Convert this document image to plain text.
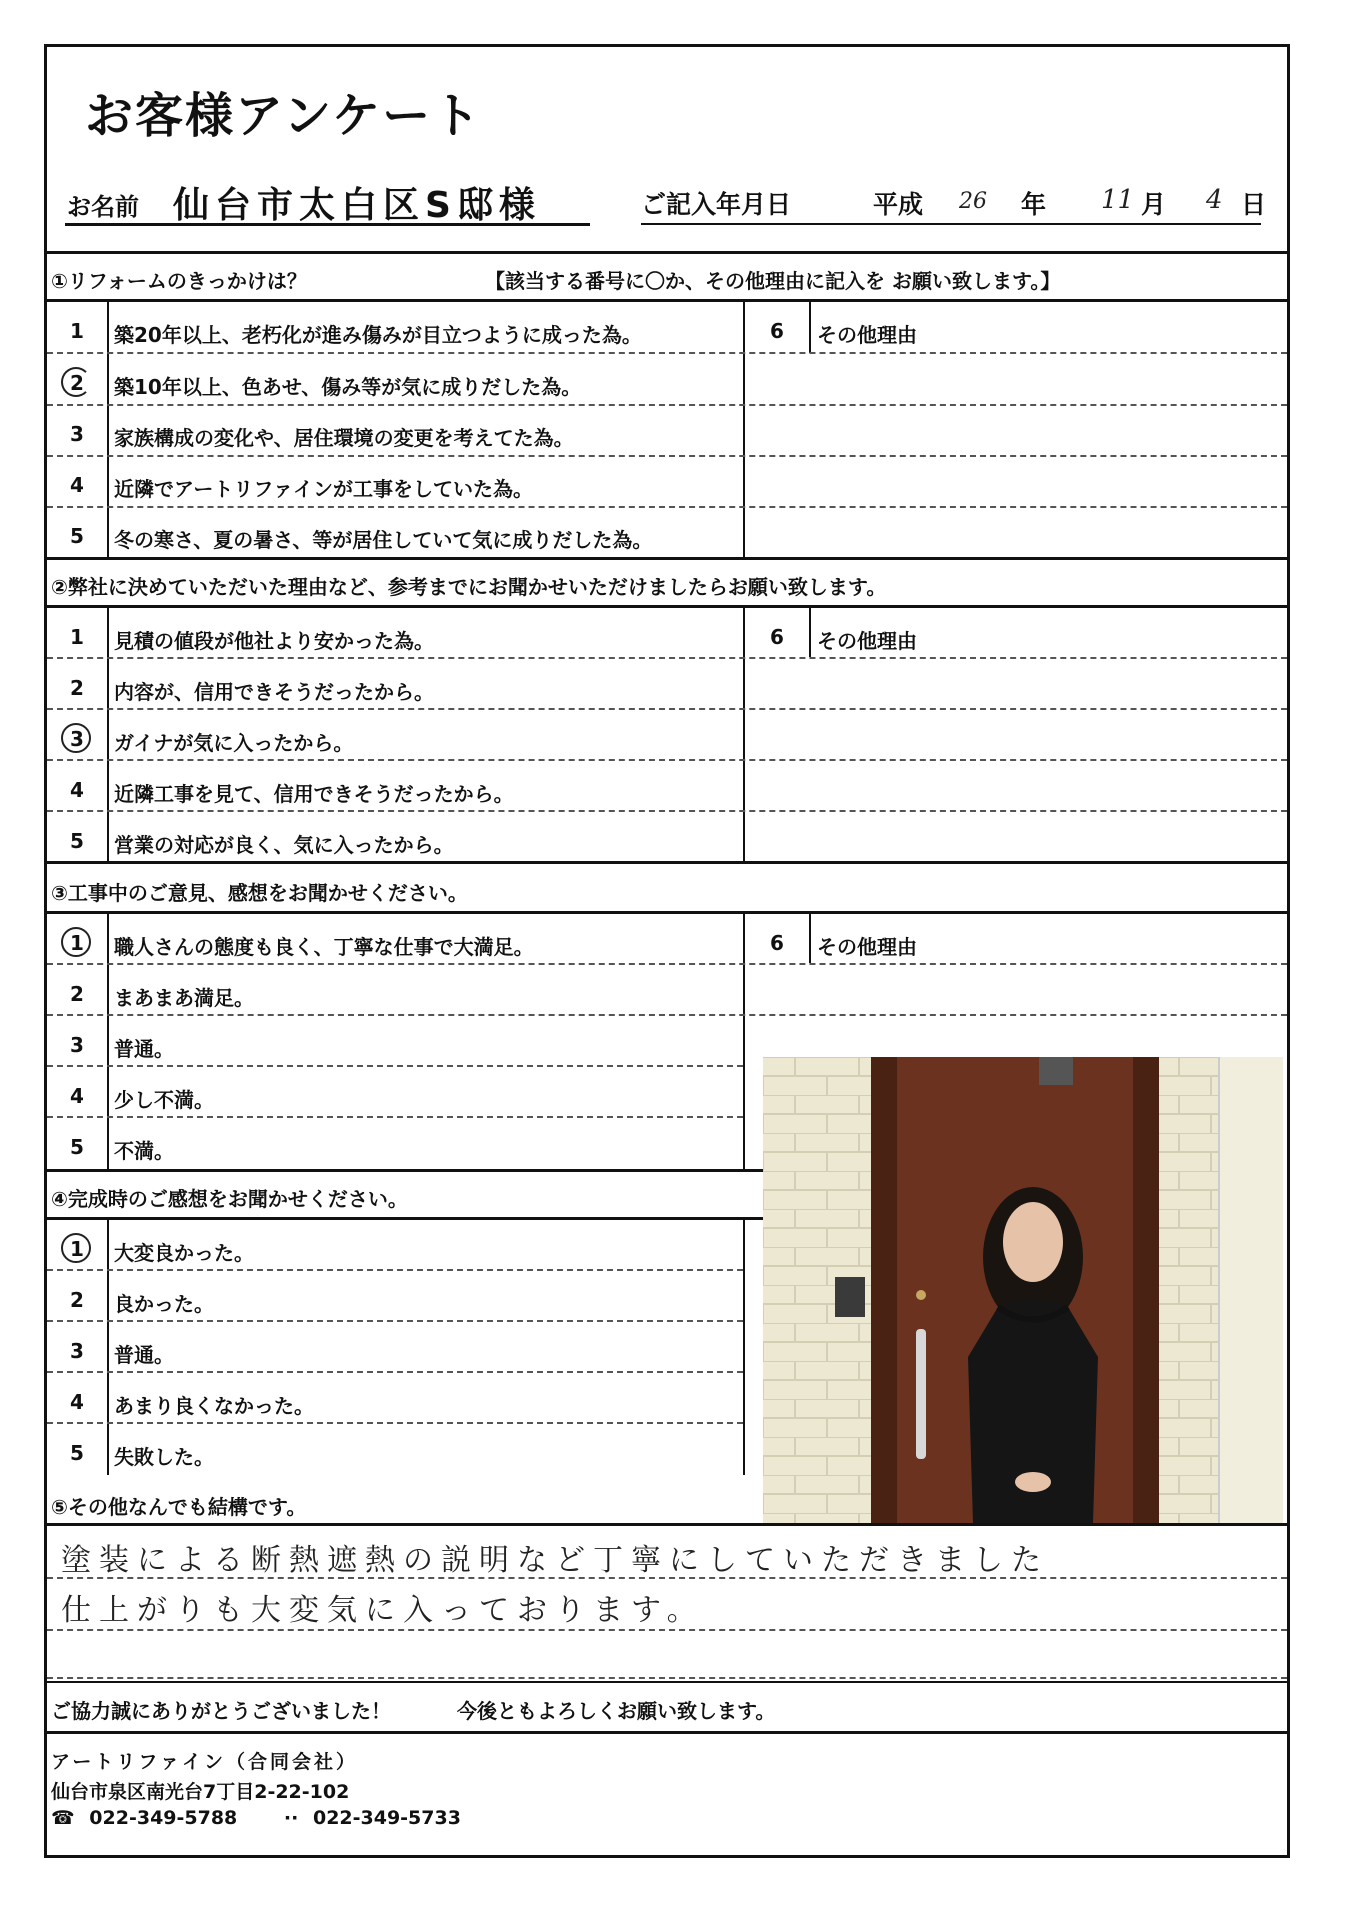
お客様アンケート
お名前 仙台市太白区S邸様	ご記入年月日	平成 26 年 11 月 4 日
①リフォームのきっかけは？	【該当する番号に〇か、その他理由に記入を お願い致します。】
1	築20年以上、老朽化が進み傷みが目立つように成った為。
2	築10年以上、色あせ、傷み等が気に成りだした為。
3	家族構成の変化や、居住環境の変更を考えてた為。
4	近隣でアートリファインが工事をしていた為。
5	冬の寒さ、夏の暑さ、等が居住していて気に成りだした為。
6	その他理由
②弊社に決めていただいた理由など、参考までにお聞かせいただけましたらお願い致します。
1	見積の値段が他社より安かった為。
2	内容が、信用できそうだったから。
3	ガイナが気に入ったから。
4	近隣工事を見て、信用できそうだったから。
5	営業の対応が良く、気に入ったから。
6	その他理由
③工事中のご意見、感想をお聞かせください。
1	職人さんの態度も良く、丁寧な仕事で大満足。
2	まあまあ満足。
3	普通。
4	少し不満。
5	不満。
6	その他理由
④完成時のご感想をお聞かせください。
1	大変良かった。
2	良かった。
3	普通。
4	あまり良くなかった。
5	失敗した。
⑤その他なんでも結構です。
塗装による断熱遮熱の説明など丁寧にしていただきました
仕上がりも大変気に入っております。
ご協力誠にありがとうございました！	今後ともよろしくお願い致します。
アートリファイン（合同会社）
仙台市泉区南光台7丁目2-22-102
☎ 022-349-5788 ·· 022-349-5733
